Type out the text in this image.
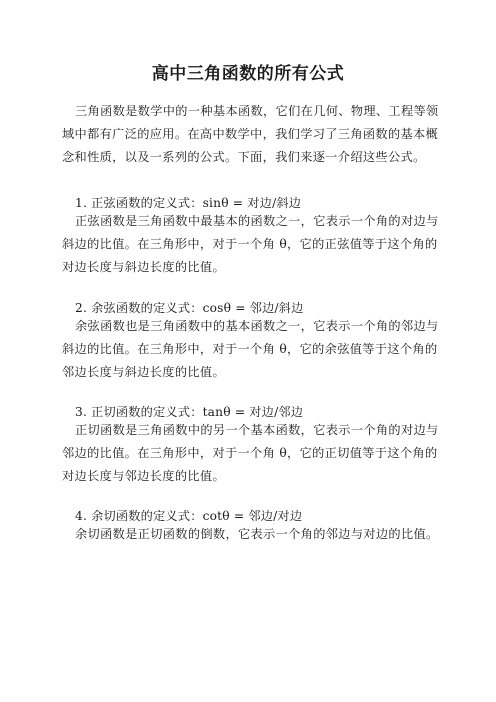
高中三角函数的所有公式

三角函数是数学中的一种基本函数，它们在几何、物理、工程等领域中都有广泛的应用。在高中数学中，我们学习了三角函数的基本概念和性质，以及一系列的公式。下面，我们来逐一介绍这些公式。

1. 正弦函数的定义式：sinθ = 对边/斜边

正弦函数是三角函数中最基本的函数之一，它表示一个角的对边与斜边的比值。在三角形中，对于一个角 θ，它的正弦值等于这个角的对边长度与斜边长度的比值。

2. 余弦函数的定义式：cosθ = 邻边/斜边

余弦函数也是三角函数中的基本函数之一，它表示一个角的邻边与斜边的比值。在三角形中，对于一个角 θ，它的余弦值等于这个角的邻边长度与斜边长度的比值。

3. 正切函数的定义式：tanθ = 对边/邻边

正切函数是三角函数中的另一个基本函数，它表示一个角的对边与邻边的比值。在三角形中，对于一个角 θ，它的正切值等于这个角的对边长度与邻边长度的比值。

4. 余切函数的定义式：cotθ = 邻边/对边

余切函数是正切函数的倒数，它表示一个角的邻边与对边的比值。
